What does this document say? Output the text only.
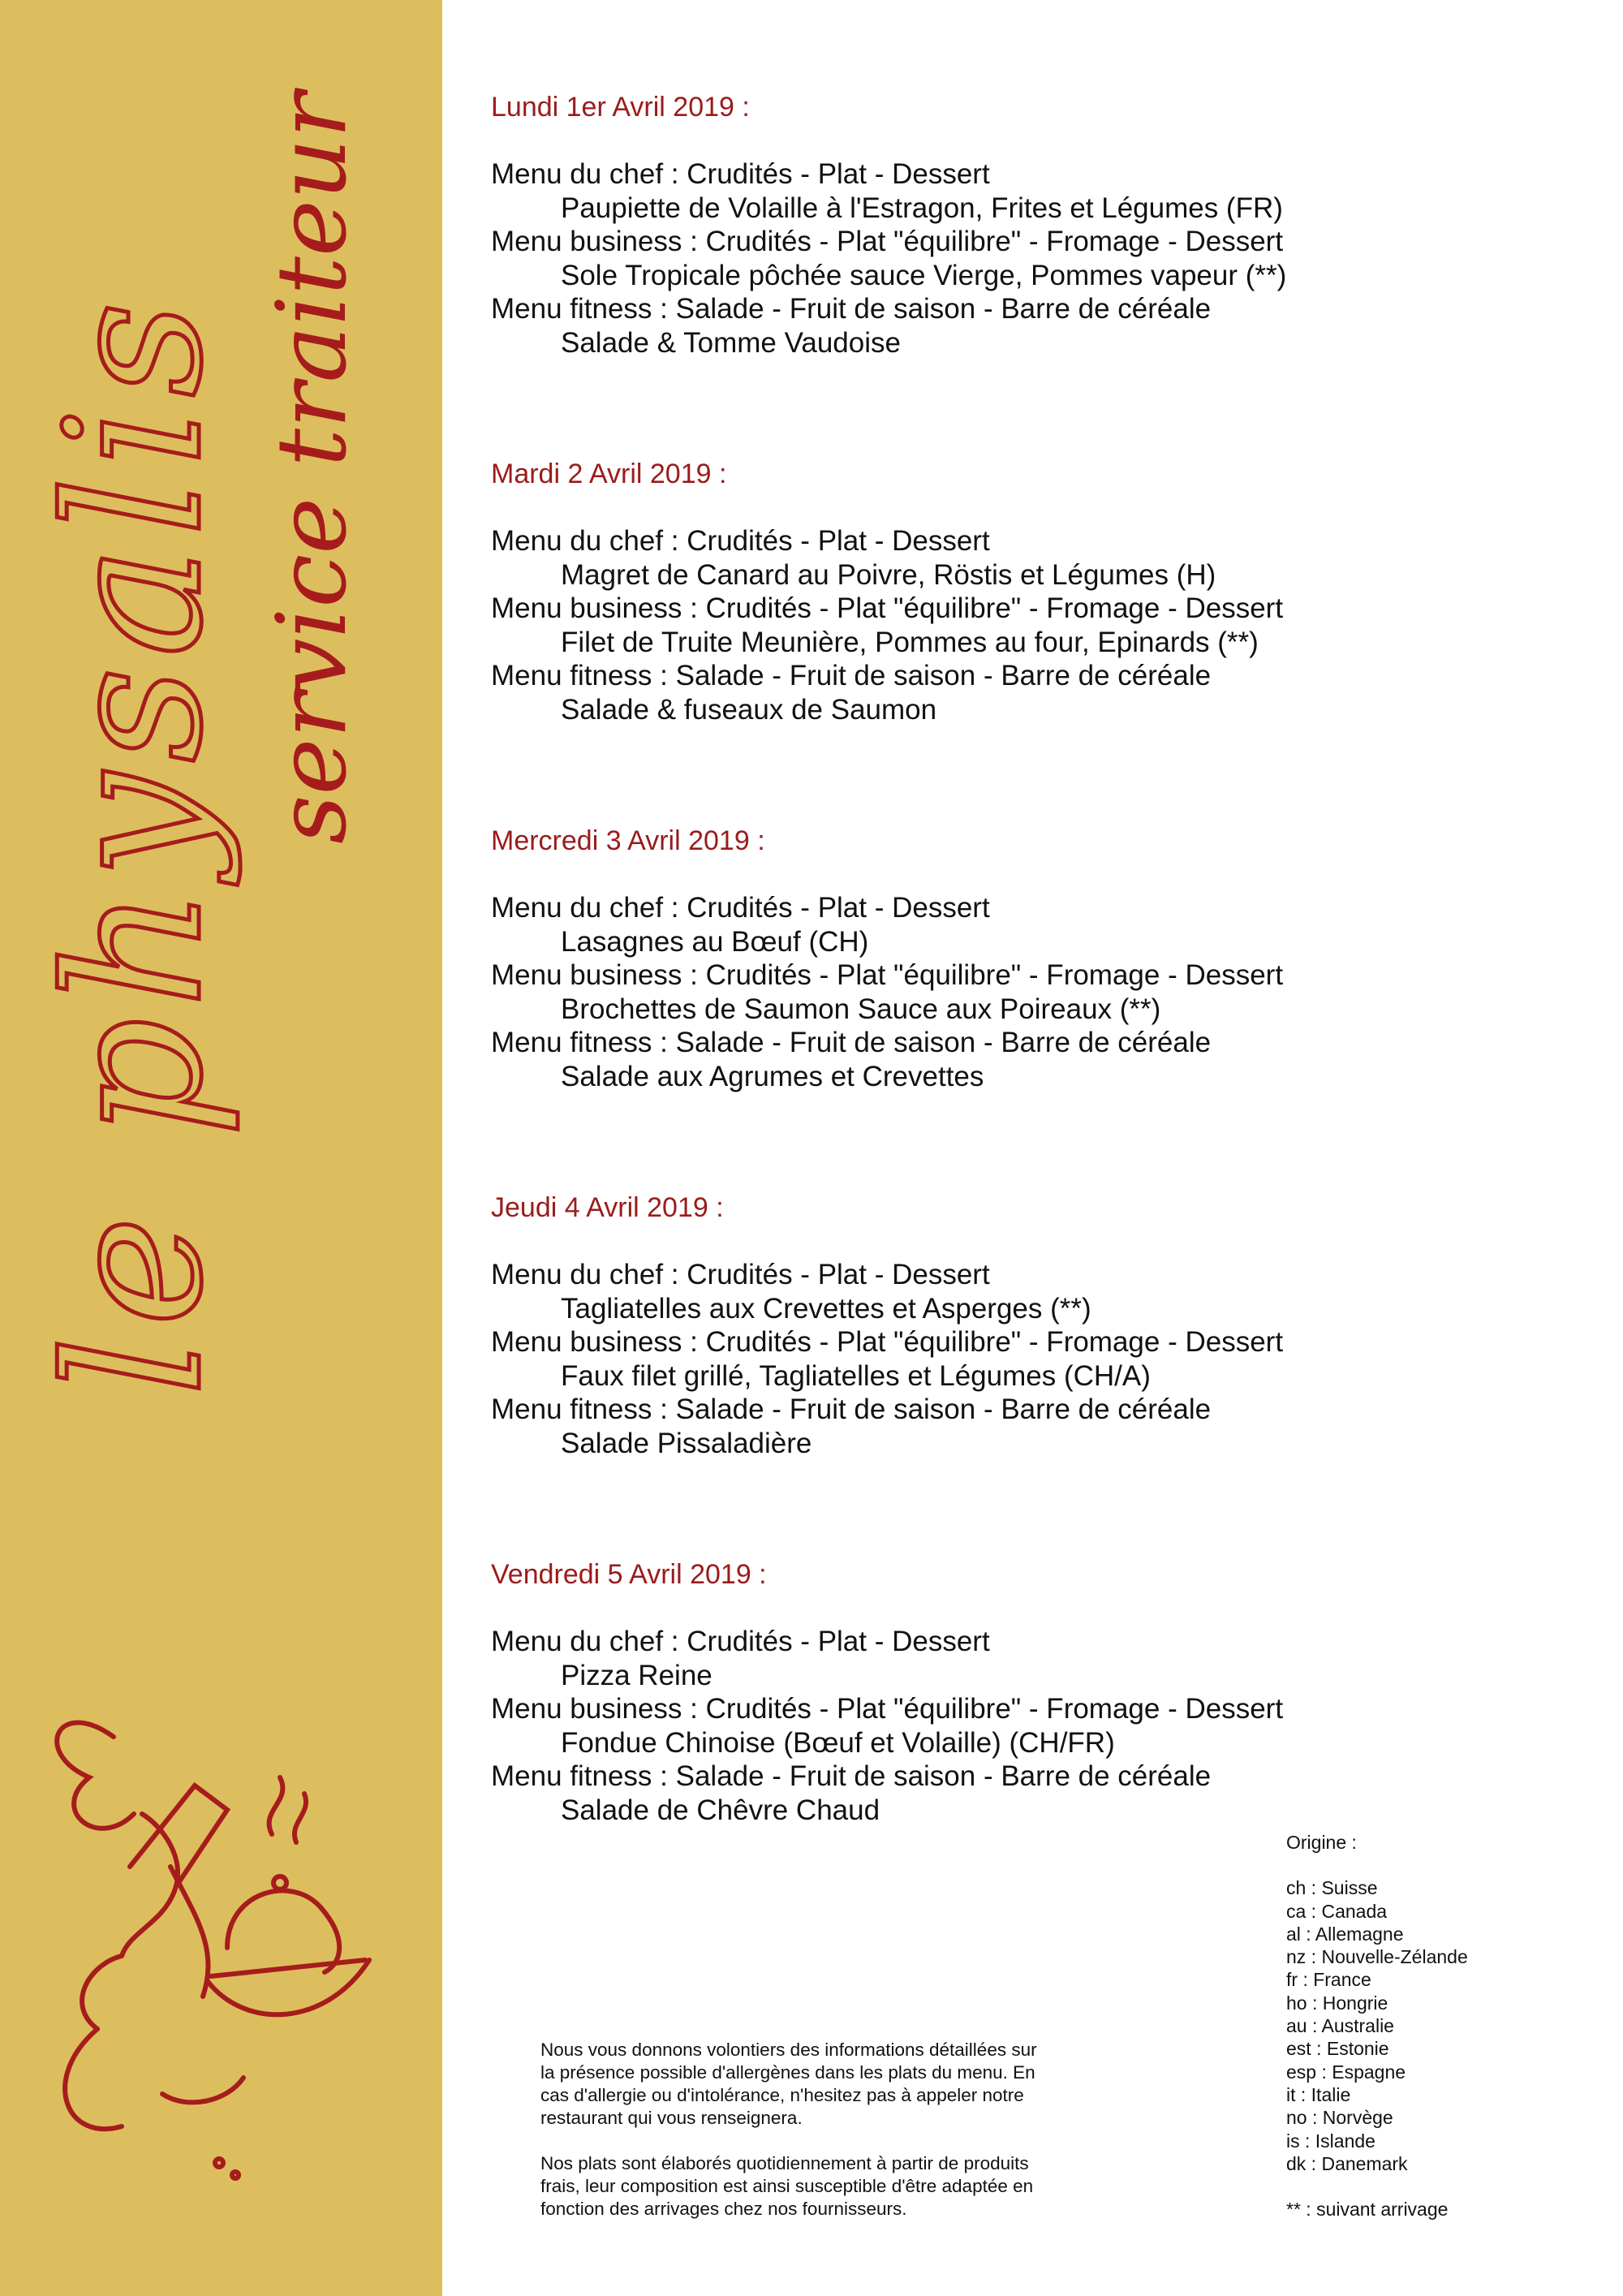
le physalis service traiteur	Lundi 1er Avril 2019 :
Menu du chef : Crudités - Plat - Dessert
Paupiette de Volaille à l'Estragon, Frites et Légumes (FR)
Menu business : Crudités - Plat "équilibre" - Fromage - Dessert
Sole Tropicale pôchée sauce Vierge, Pommes vapeur (**)
Menu fitness : Salade - Fruit de saison - Barre de céréale
Salade & Tomme Vaudoise
Mardi 2 Avril 2019 :
Menu du chef : Crudités - Plat - Dessert
Magret de Canard au Poivre, Röstis et Légumes (H)
Menu business : Crudités - Plat "équilibre" - Fromage - Dessert
Filet de Truite Meunière, Pommes au four, Epinards (**)
Menu fitness : Salade - Fruit de saison - Barre de céréale
Salade & fuseaux de Saumon
Mercredi 3 Avril 2019 :
Menu du chef : Crudités - Plat - Dessert
Lasagnes au Bœuf (CH)
Menu business : Crudités - Plat "équilibre" - Fromage - Dessert
Brochettes de Saumon Sauce aux Poireaux (**)
Menu fitness : Salade - Fruit de saison - Barre de céréale
Salade aux Agrumes et Crevettes
Jeudi 4 Avril 2019 :
Menu du chef : Crudités - Plat - Dessert
Tagliatelles aux Crevettes et Asperges (**)
Menu business : Crudités - Plat "équilibre" - Fromage - Dessert
Faux filet grillé, Tagliatelles et Légumes (CH/A)
Menu fitness : Salade - Fruit de saison - Barre de céréale
Salade Pissaladière
Vendredi 5 Avril 2019 :
Menu du chef : Crudités - Plat - Dessert
Pizza Reine
Menu business : Crudités - Plat "équilibre" - Fromage - Dessert
Fondue Chinoise (Bœuf et Volaille) (CH/FR)
Menu fitness : Salade - Fruit de saison - Barre de céréale
Salade de Chêvre Chaud

Nous vous donnons volontiers des informations détaillées sur
la présence possible d'allergènes dans les plats du menu. En
cas d'allergie ou d'intolérance, n'hesitez pas à appeler notre
restaurant qui vous renseignera.

Nos plats sont élaborés quotidiennement à partir de produits
frais, leur composition est ainsi susceptible d'être adaptée en
fonction des arrivages chez nos fournisseurs.

Origine :
ch : Suisse
ca : Canada
al : Allemagne
nz : Nouvelle-Zélande
fr : France
ho : Hongrie
au : Australie
est : Estonie
esp : Espagne
it : Italie
no : Norvège
is : Islande
dk : Danemark
** : suivant arrivage
